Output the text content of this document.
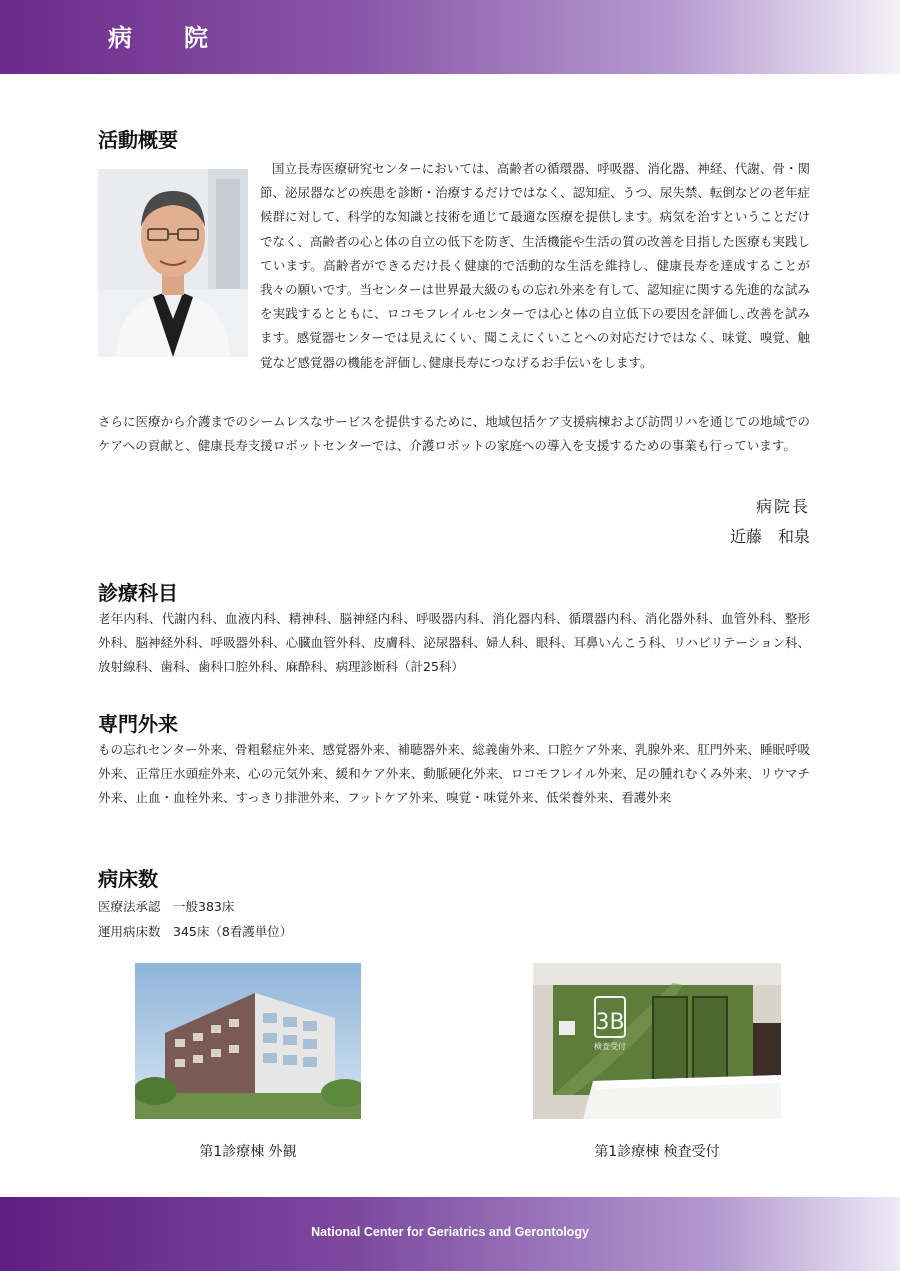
病　院
活動概要

国立長寿医療研究センターにおいては、高齢者の循環器、呼吸器、消化器、神経、代謝、骨・関節、泌尿器などの疾患を診断・治療するだけではなく、認知症、うつ、尿失禁、転倒などの老年症候群に対して、科学的な知識と技術を通じて最適な医療を提供します。病気を治すということだけでなく、高齢者の心と体の自立の低下を防ぎ、生活機能や生活の質の改善を目指した医療も実践しています。高齢者ができるだけ長く健康的で活動的な生活を維持し、健康長寿を達成することが我々の願いです。当センターは世界最大級のもの忘れ外来を有して、認知症に関する先進的な試みを実践するとともに、ロコモフレイルセンターでは心と体の自立低下の要因を評価し､改善を試みます。感覚器センターでは見えにくい、聞こえにくいことへの対応だけではなく、味覚、嗅覚、触覚など感覚器の機能を評価し､健康長寿につなげるお手伝いをします。

さらに医療から介護までのシームレスなサービスを提供するために、地域包括ケア支援病棟および訪問リハを通じての地域でのケアへの貢献と、健康長寿支援ロボットセンターでは、介護ロボットの家庭への導入を支援するための事業も行っています。

病院長
近藤　和泉
診療科目

老年内科、代謝内科、血液内科、精神科、脳神経内科、呼吸器内科、消化器内科、循環器内科、消化器外科、血管外科、整形外科、脳神経外科、呼吸器外科、心臓血管外科、皮膚科、泌尿器科、婦人科、眼科、耳鼻いんこう科、リハビリテーション科、放射線科、歯科、歯科口腔外科、麻酔科、病理診断科（計25科）

専門外来

もの忘れセンター外来、骨粗鬆症外来、感覚器外来、補聴器外来、総義歯外来、口腔ケア外来、乳腺外来、肛門外来、睡眠呼吸外来、正常圧水頭症外来、心の元気外来、緩和ケア外来、動脈硬化外来、ロコモフレイル外来、足の腫れむくみ外来、リウマチ外来、止血・血栓外来、すっきり排泄外来、フットケア外来、嗅覚・味覚外来、低栄養外来、看護外来

病床数
医療法承認　一般383床
運用病床数　345床（8看護単位）
第1診療棟 外観
3B
検査受付
第1診療棟 検査受付
National Center for Geriatrics and Gerontology
